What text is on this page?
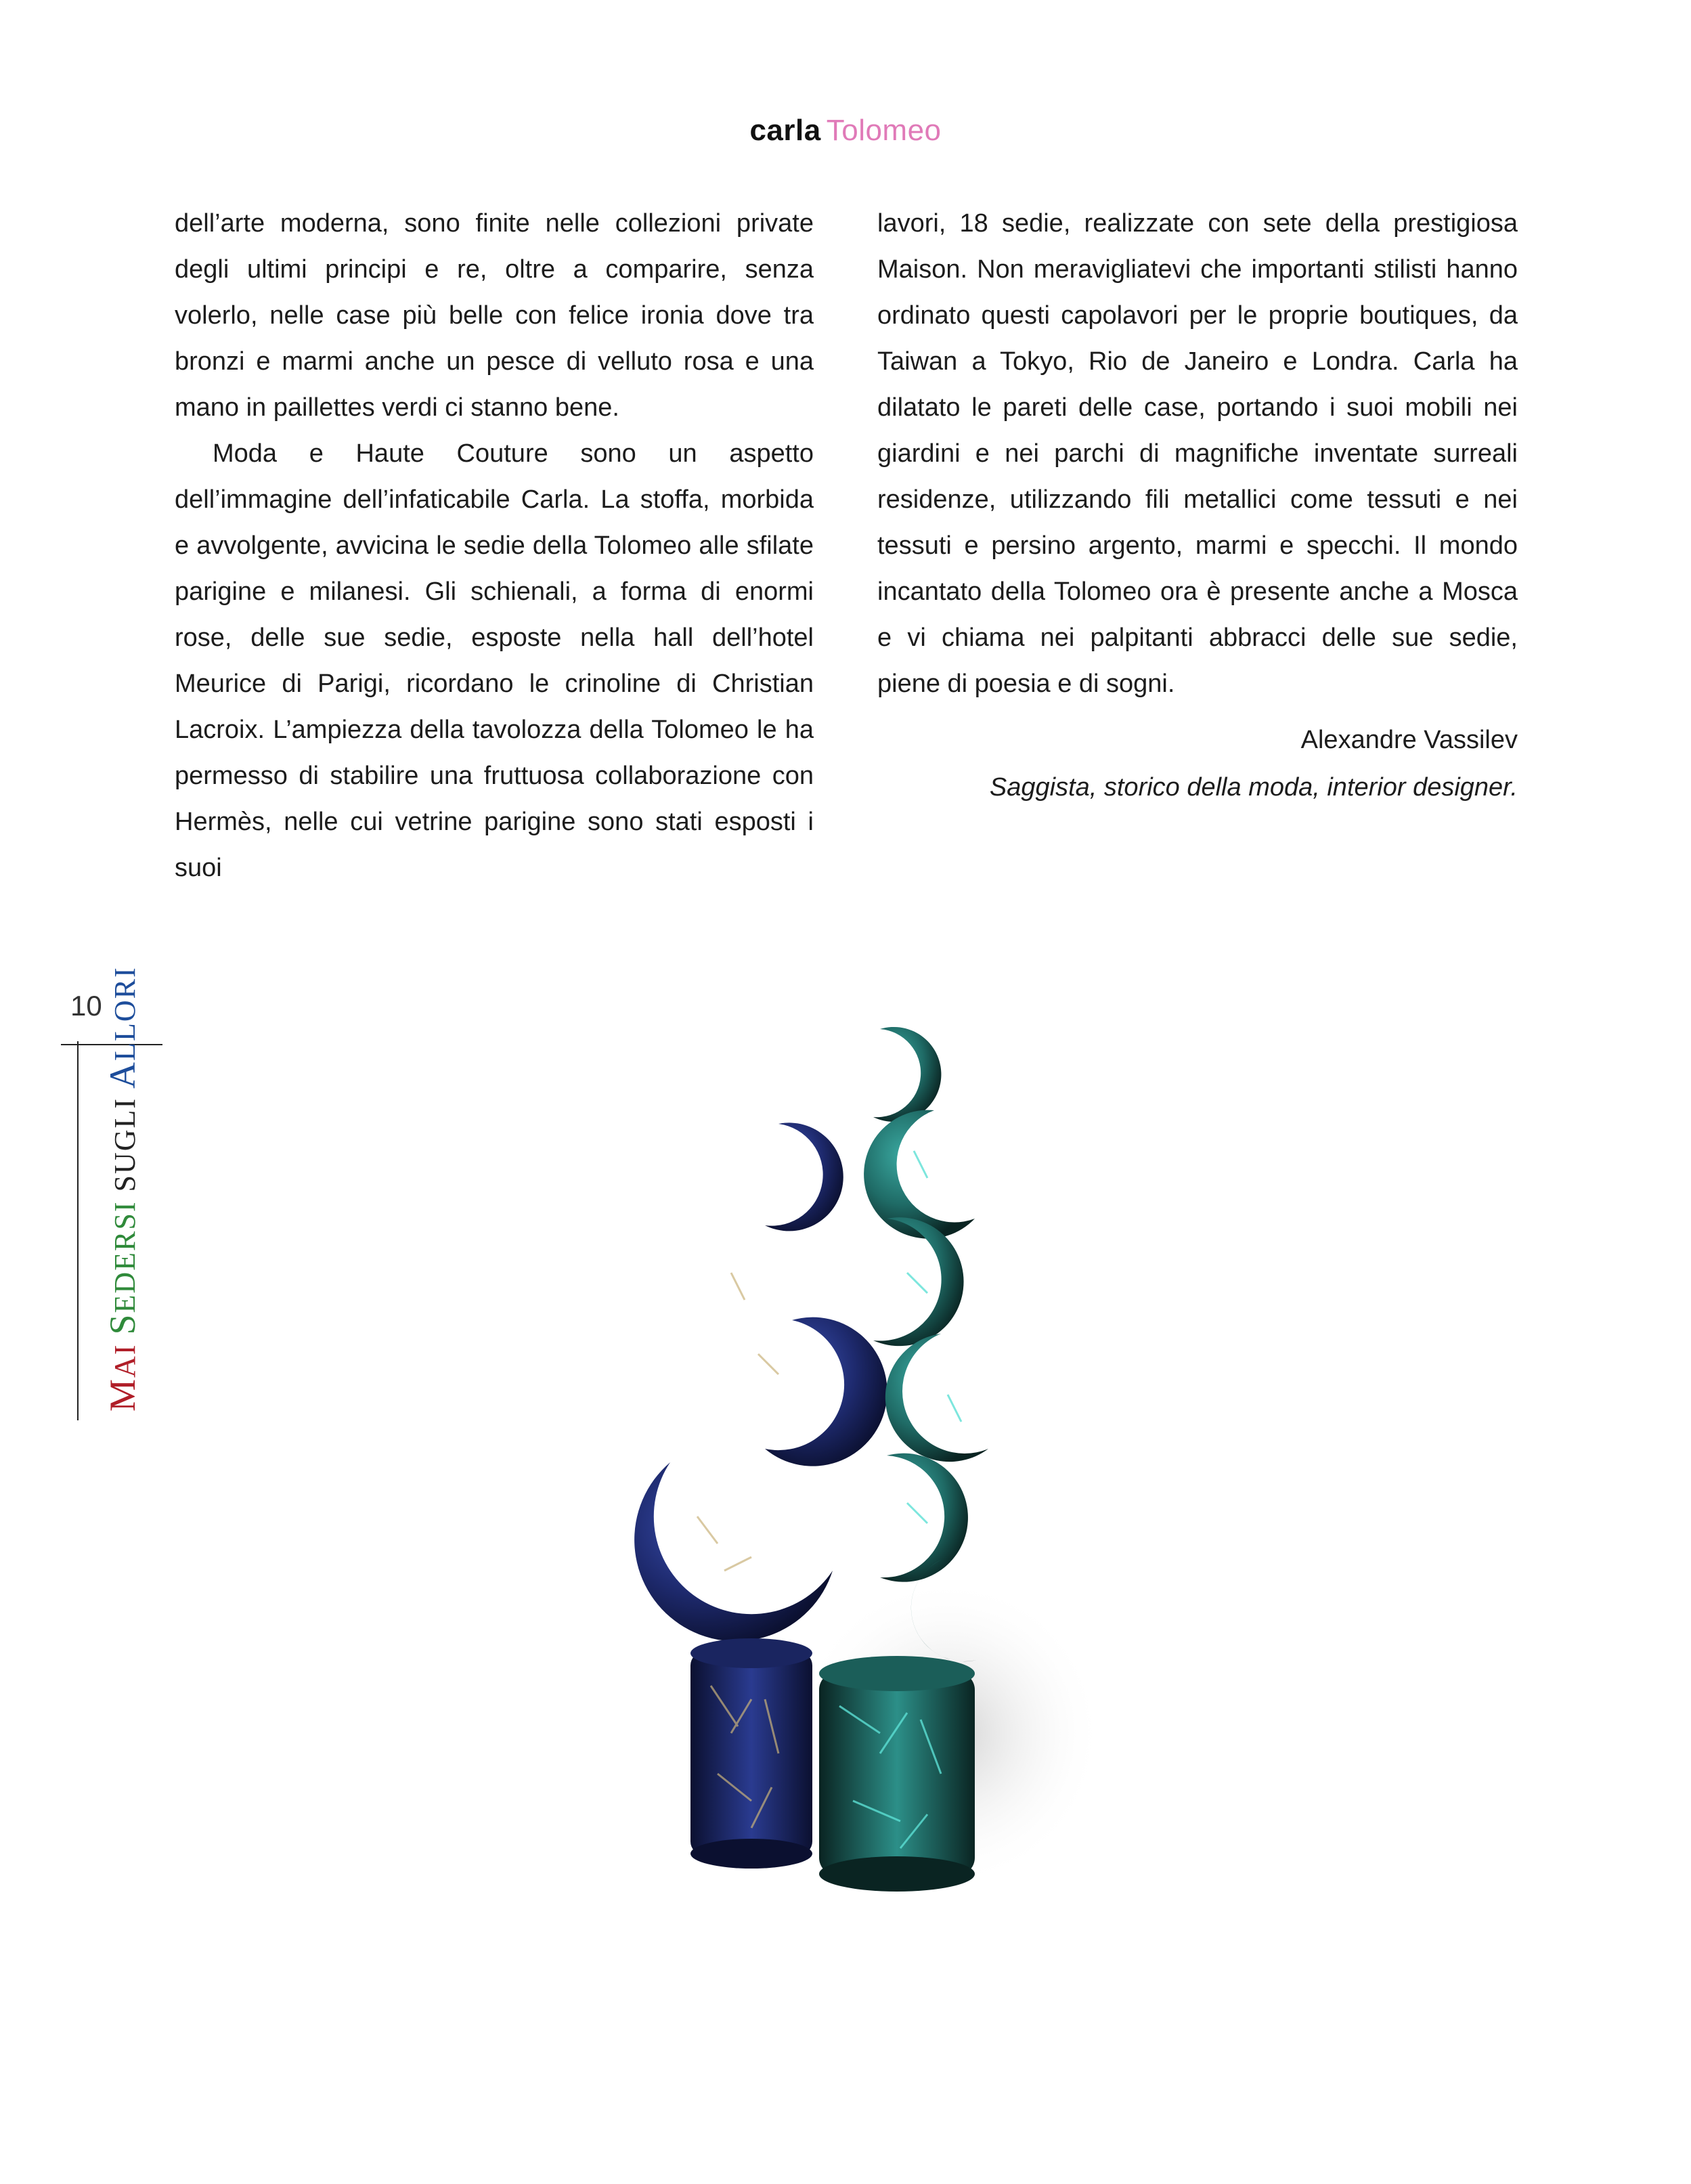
carla Tolomeo

dell’arte moderna, sono finite nelle collezioni private degli ultimi principi e re, oltre a comparire, senza volerlo, nelle case più belle con felice ironia dove tra bronzi e marmi anche un pesce di velluto rosa e una mano in paillettes verdi ci stanno bene.

Moda e Haute Couture sono un aspetto dell’immagine dell’infaticabile Carla. La stoffa, morbida e avvolgente, avvicina le sedie della Tolomeo alle sfilate parigine e milanesi. Gli schienali, a forma di enormi rose, delle sue sedie, esposte nella hall dell’hotel Meurice di Parigi, ricordano le crinoline di Christian Lacroix. L’ampiezza della tavolozza della Tolomeo le ha permesso di stabilire una fruttuosa collaborazione con Hermès, nelle cui vetrine parigine sono stati esposti i suoi

lavori, 18 sedie, realizzate con sete della prestigiosa Maison. Non meravigliatevi che importanti stilisti hanno ordinato questi capolavori per le proprie boutiques, da Taiwan a Tokyo, Rio de Janeiro e Londra. Carla ha dilatato le pareti delle case, portando i suoi mobili nei giardini e nei parchi di magnifiche inventate surreali residenze, utilizzando fili metallici come tessuti e nei tessuti e persino argento, marmi e specchi. Il mondo incantato della Tolomeo ora è presente anche a Mosca e vi chiama nei palpitanti abbracci delle sue sedie, piene di poesia e di sogni.

Alexandre Vassilev
Saggista, storico della moda, interior designer.
10
MAI SEDERSI SUGLI ALLORI
